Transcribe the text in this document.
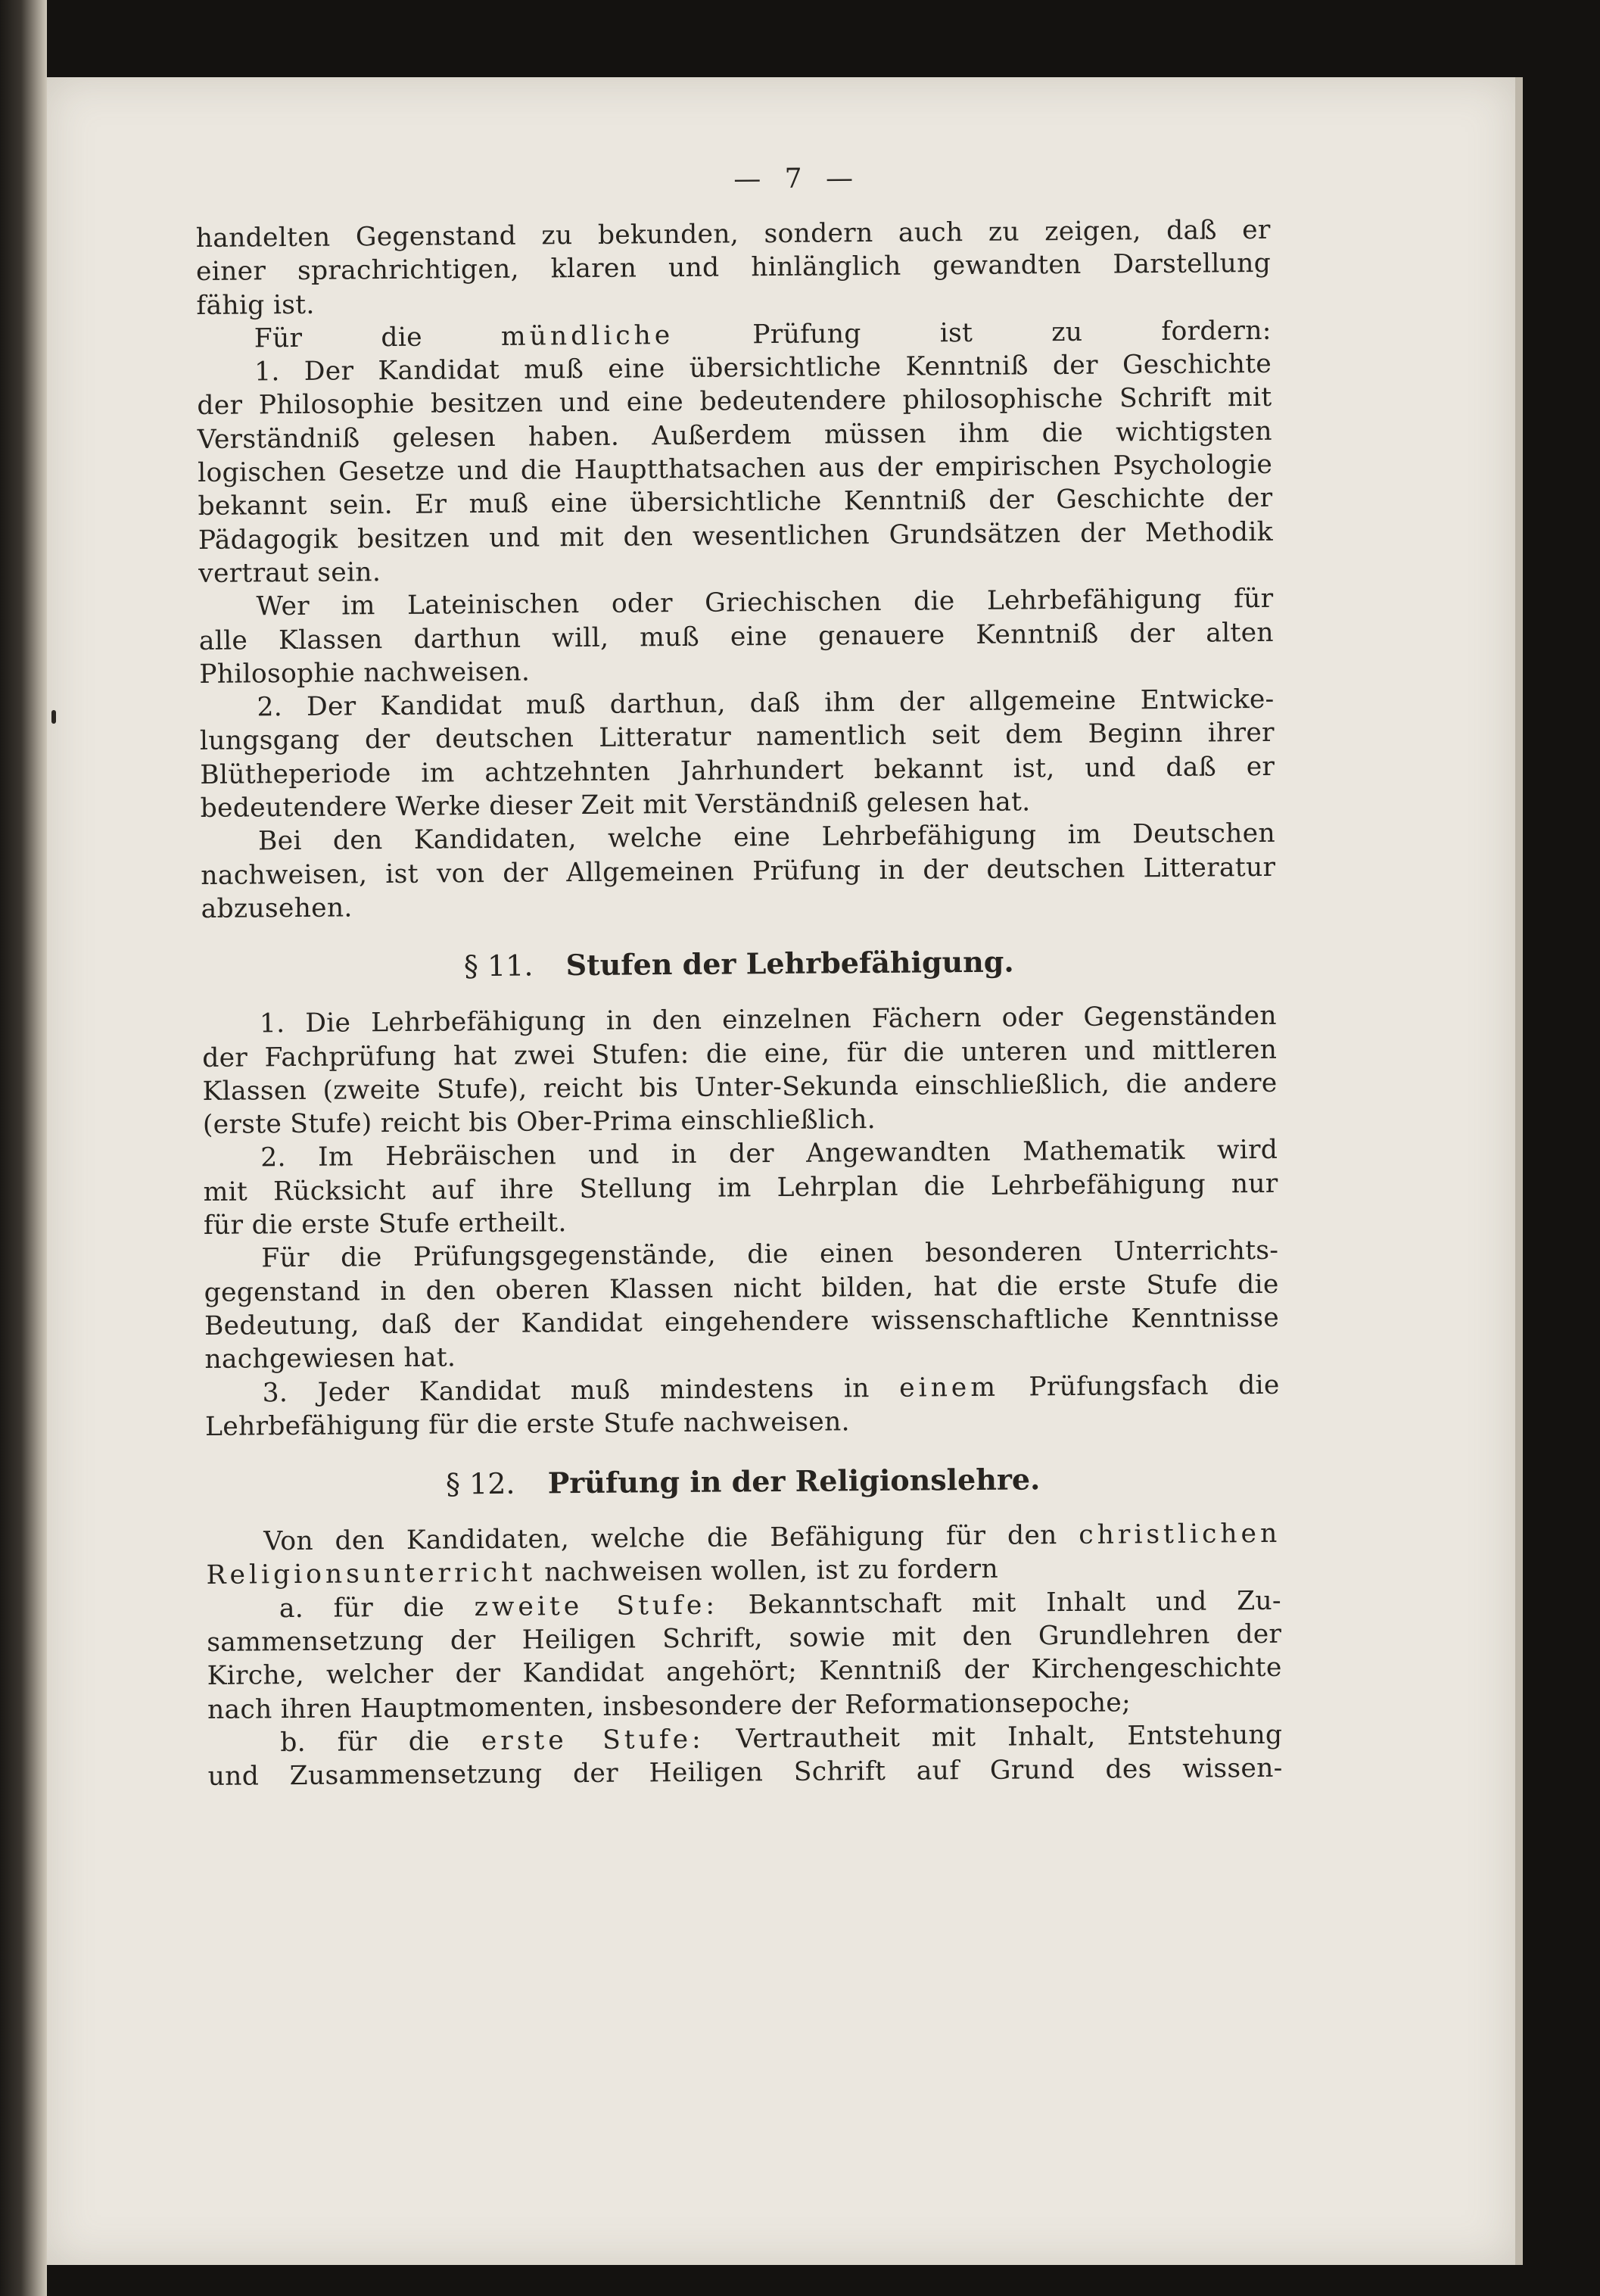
— 7 —
handelten Gegenstand zu bekunden, sondern auch zu zeigen, daß er
einer sprachrichtigen, klaren und hinlänglich gewandten Darstellung
fähig ist.
Für die	mündliche	Prüfung ist zu fordern:
1. Der Kandidat muß eine übersichtliche Kenntniß der Geschichte
der Philosophie besitzen und eine bedeutendere philosophische Schrift mit
Verständniß gelesen haben. Außerdem müssen ihm die wichtigsten
logischen Gesetze und die Hauptthatsachen aus der empirischen Psychologie
bekannt sein. Er muß eine übersichtliche Kenntniß der Geschichte der
Pädagogik besitzen und mit den wesentlichen Grundsätzen der Methodik
vertraut sein.
Wer im Lateinischen oder Griechischen die Lehrbefähigung für
alle Klassen darthun will, muß eine genauere Kenntniß der alten
Philosophie nachweisen.
2. Der Kandidat muß darthun, daß ihm der allgemeine Entwicke-
lungsgang der deutschen Litteratur namentlich seit dem Beginn ihrer
Blütheperiode im achtzehnten Jahrhundert bekannt ist, und daß er
bedeutendere Werke dieser Zeit mit Verständniß gelesen hat.
Bei den Kandidaten, welche eine Lehrbefähigung im Deutschen
nachweisen, ist von der Allgemeinen Prüfung in der deutschen Litteratur
abzusehen.
§ 11. Stufen der Lehrbefähigung.
1. Die Lehrbefähigung in den einzelnen Fächern oder Gegenständen
der Fachprüfung hat zwei Stufen: die eine, für die unteren und mittleren
Klassen (zweite Stufe), reicht bis Unter-Sekunda einschließlich, die andere
(erste Stufe) reicht bis Ober-Prima einschließlich.
2. Im Hebräischen und in der Angewandten Mathematik wird
mit Rücksicht auf ihre Stellung im Lehrplan die Lehrbefähigung nur
für die erste Stufe ertheilt.
Für die Prüfungsgegenstände, die einen besonderen Unterrichts-
gegenstand in den oberen Klassen nicht bilden, hat die erste Stufe die
Bedeutung, daß der Kandidat eingehendere wissenschaftliche Kenntnisse
nachgewiesen hat.
3. Jeder Kandidat muß mindestens in einem Prüfungsfach die
Lehrbefähigung für die erste Stufe nachweisen.
§ 12. Prüfung in der Religionslehre.
Von den Kandidaten, welche die Befähigung für den christlichen
Religionsunterricht nachweisen wollen, ist zu fordern
a. für die zweite Stufe: Bekanntschaft mit Inhalt und Zu-
sammensetzung der Heiligen Schrift, sowie mit den Grundlehren der
Kirche, welcher der Kandidat angehört; Kenntniß der Kirchengeschichte
nach ihren Hauptmomenten, insbesondere der Reformationsepoche;
b. für die erste Stufe: Vertrautheit mit Inhalt, Entstehung
und Zusammensetzung der Heiligen Schrift auf Grund des wissen-
